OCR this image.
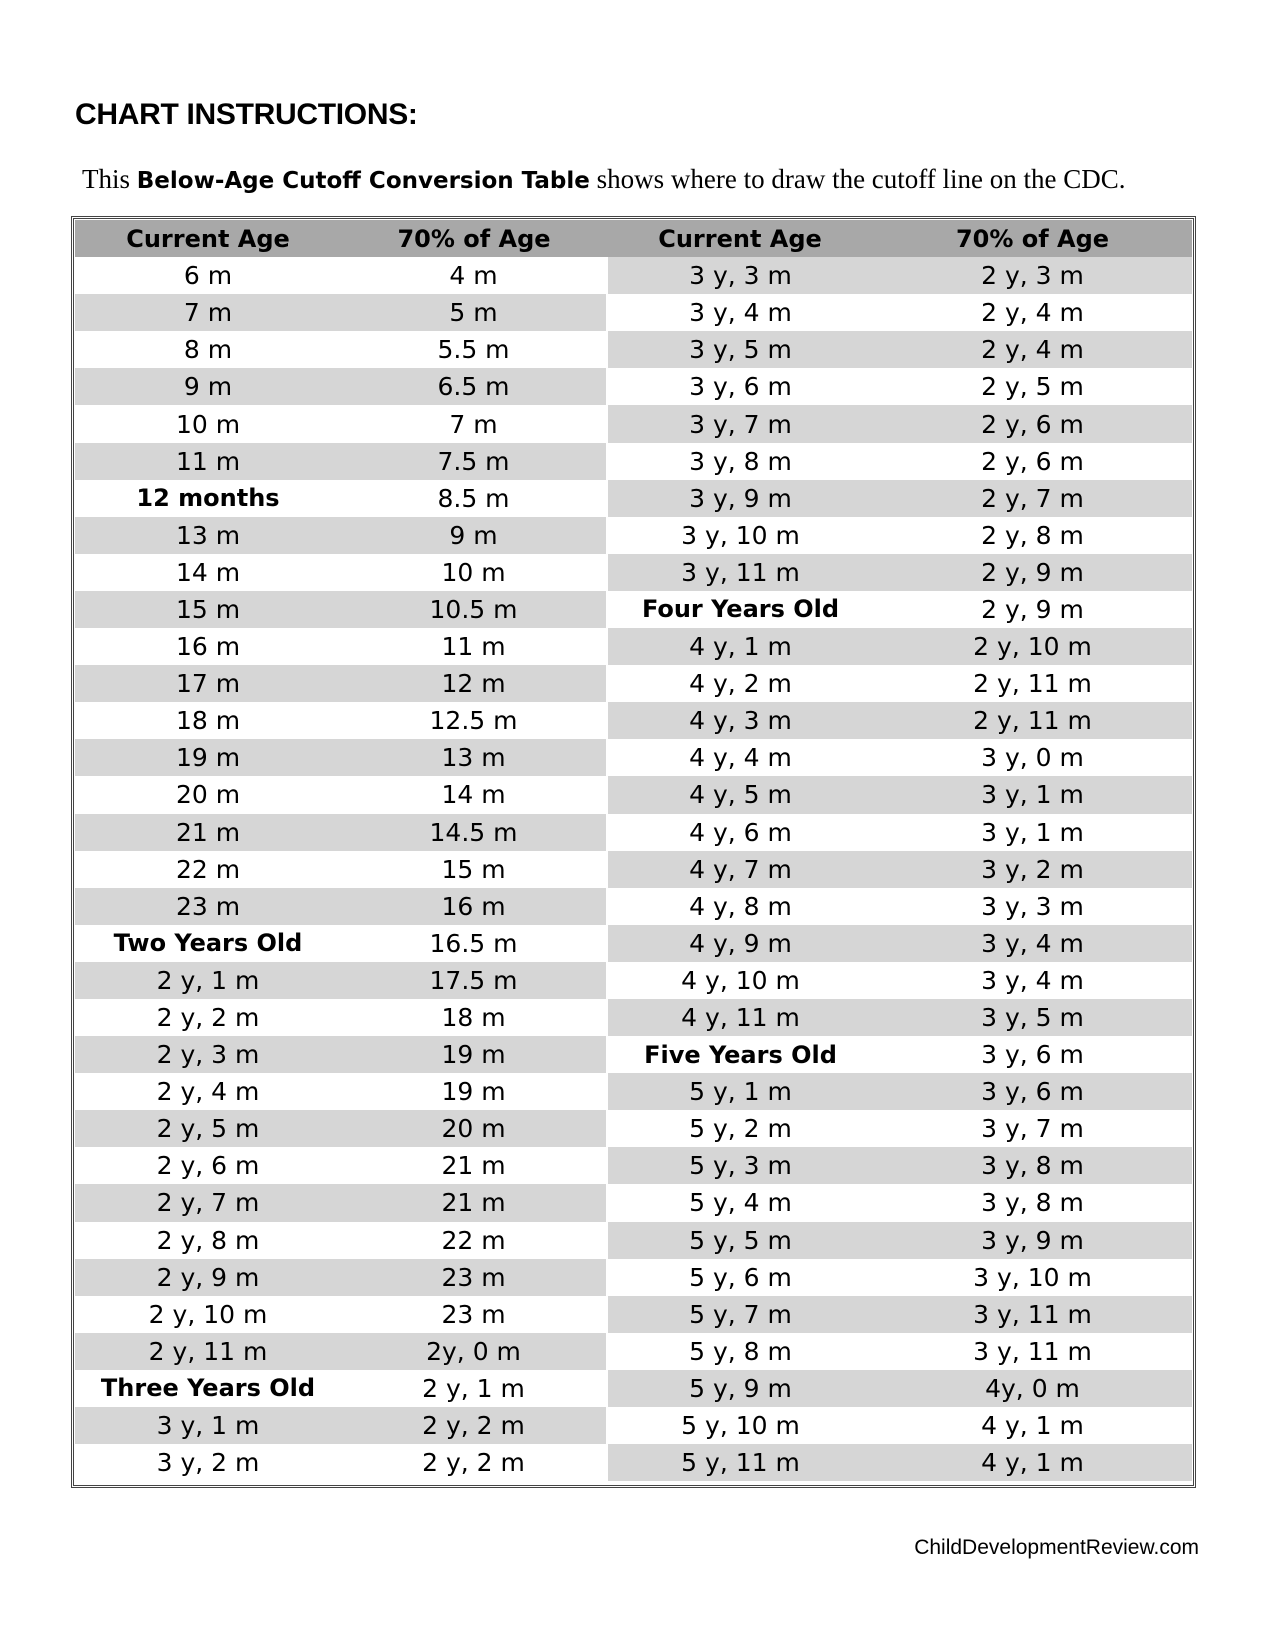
CHART INSTRUCTIONS:

This Below-Age Cutoff Conversion Table shows where to draw the cutoff line on the CDC.

Current Age	70% of Age	Current Age	70% of Age
6 m	4 m	3 y, 3 m	2 y, 3 m
7 m	5 m	3 y, 4 m	2 y, 4 m
8 m	5.5 m	3 y, 5 m	2 y, 4 m
9 m	6.5 m	3 y, 6 m	2 y, 5 m
10 m	7 m	3 y, 7 m	2 y, 6 m
11 m	7.5 m	3 y, 8 m	2 y, 6 m
12 months	8.5 m	3 y, 9 m	2 y, 7 m
13 m	9 m	3 y, 10 m	2 y, 8 m
14 m	10 m	3 y, 11 m	2 y, 9 m
15 m	10.5 m	Four Years Old	2 y, 9 m
16 m	11 m	4 y, 1 m	2 y, 10 m
17 m	12 m	4 y, 2 m	2 y, 11 m
18 m	12.5 m	4 y, 3 m	2 y, 11 m
19 m	13 m	4 y, 4 m	3 y, 0 m
20 m	14 m	4 y, 5 m	3 y, 1 m
21 m	14.5 m	4 y, 6 m	3 y, 1 m
22 m	15 m	4 y, 7 m	3 y, 2 m
23 m	16 m	4 y, 8 m	3 y, 3 m
Two Years Old	16.5 m	4 y, 9 m	3 y, 4 m
2 y, 1 m	17.5 m	4 y, 10 m	3 y, 4 m
2 y, 2 m	18 m	4 y, 11 m	3 y, 5 m
2 y, 3 m	19 m	Five Years Old	3 y, 6 m
2 y, 4 m	19 m	5 y, 1 m	3 y, 6 m
2 y, 5 m	20 m	5 y, 2 m	3 y, 7 m
2 y, 6 m	21 m	5 y, 3 m	3 y, 8 m
2 y, 7 m	21 m	5 y, 4 m	3 y, 8 m
2 y, 8 m	22 m	5 y, 5 m	3 y, 9 m
2 y, 9 m	23 m	5 y, 6 m	3 y, 10 m
2 y, 10 m	23 m	5 y, 7 m	3 y, 11 m
2 y, 11 m	2y, 0 m	5 y, 8 m	3 y, 11 m
Three Years Old	2 y, 1 m	5 y, 9 m	4y, 0 m
3 y, 1 m	2 y, 2 m	5 y, 10 m	4 y, 1 m
3 y, 2 m	2 y, 2 m	5 y, 11 m	4 y, 1 m

ChildDevelopmentReview.com
